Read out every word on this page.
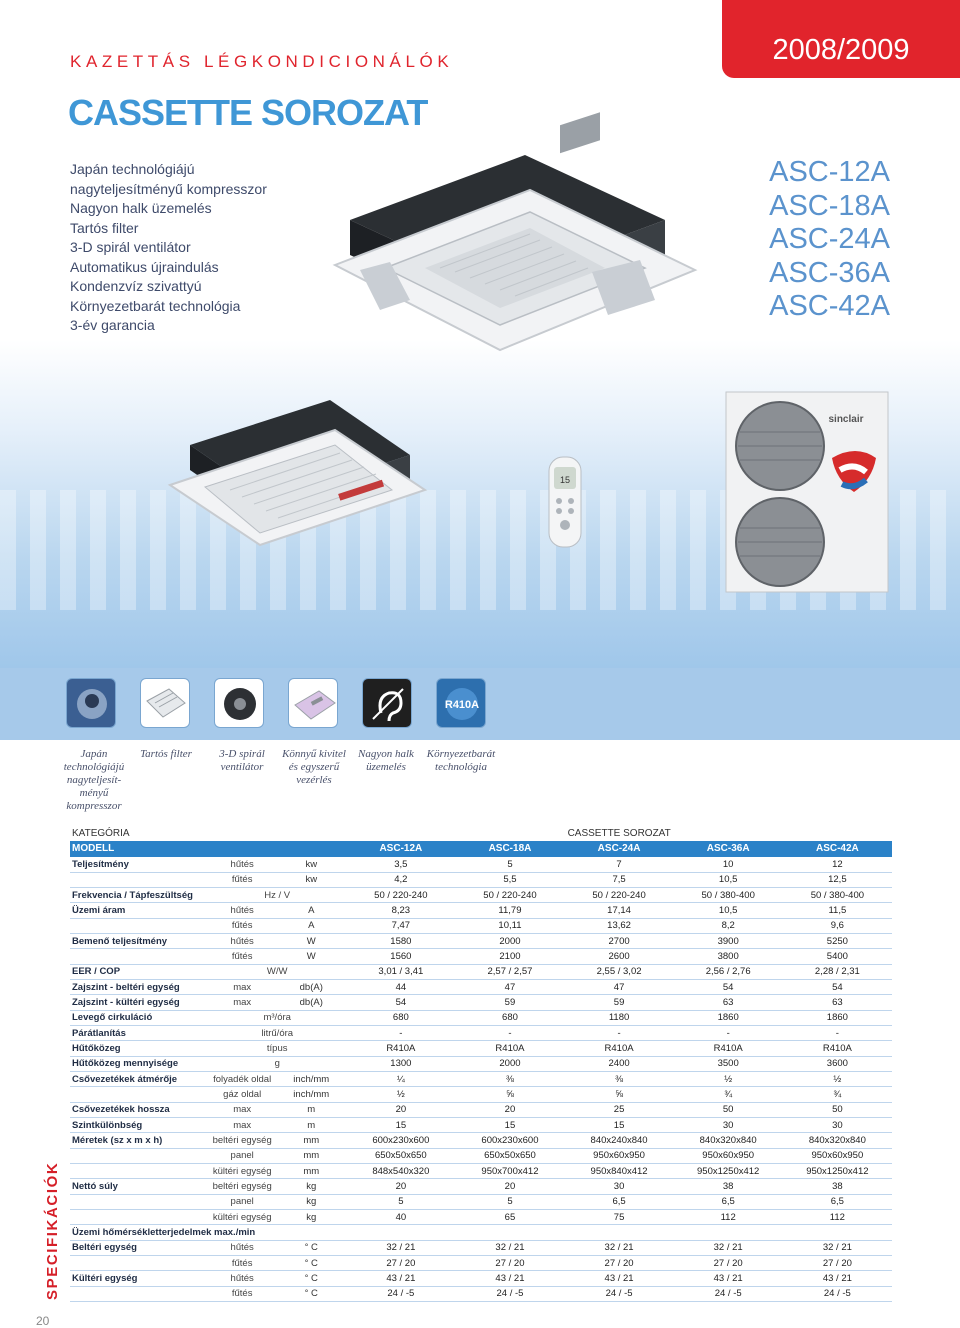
KAZETTÁS LÉGKONDICIONÁLÓK	2008/2009
CASSETTE SOROZAT
Japán technológiájú
nagyteljesítményű kompresszor
Nagyon halk üzemelés
Tartós filter
3-D spirál ventilátor
Automatikus újraindulás
Kondenzvíz szivattyú
Környezetbarát technológia
3-év garancia
ASC-12A
ASC-18A
ASC-24A
ASC-36A
ASC-42A
15
sinclair
R410A
Japán technológiájú nagyteljesít-ményű kompresszor
Tartós filter	3-D spirál ventilátor
Könnyű kivitel és egyszerű vezérlés
Nagyon halk üzemelés
Környezetbarát technológia
SPECIFIKÁCIÓK
20
KATEGÓRIA			CASSETTE SOROZAT				
MODELL			ASC-12A	ASC-18A	ASC-24A	ASC-36A	ASC-42A
Teljesítmény	hűtés	kw	3,5	5	7	10	12
	fűtés	kw	4,2	5,5	7,5	10,5	12,5
Frekvencia / Tápfeszültség	Hz / V		50 / 220-240	50 / 220-240	50 / 220-240	50 / 380-400	50 / 380-400
Üzemi áram	hűtés	A	8,23	11,79	17,14	10,5	11,5
	fűtés	A	7,47	10,11	13,62	8,2	9,6
Bemenő teljesítmény	hűtés	W	1580	2000	2700	3900	5250
	fűtés	W	1560	2100	2600	3800	5400
EER / COP	W/W		3,01 / 3,41	2,57 / 2,57	2,55 / 3,02	2,56 / 2,76	2,28 / 2,31
Zajszint - beltéri egység	max	db(A)	44	47	47	54	54
Zajszint - kültéri egység	max	db(A)	54	59	59	63	63
Levegő cirkuláció	m³/óra		680	680	1180	1860	1860
Párátlanítás	litrű/óra		-	-	-	-	-
Hűtőközeg	típus		R410A	R410A	R410A	R410A	R410A
Hűtőközeg mennyisége	g		1300	2000	2400	3500	3600
Csővezetékek átmérője	folyadék oldal	inch/mm	¼	⅜	⅜	½	½
	gáz oldal	inch/mm	½	⅝	⅝	¾	¾
Csővezetékek hossza	max	m	20	20	25	50	50
Szintkülönbség	max	m	15	15	15	30	30
Méretek (sz x m x h)	beltéri egység	mm	600x230x600	600x230x600	840x240x840	840x320x840	840x320x840
	panel	mm	650x50x650	650x50x650	950x60x950	950x60x950	950x60x950
	kültéri egység	mm	848x540x320	950x700x412	950x840x412	950x1250x412	950x1250x412
Nettó súly	beltéri egység	kg	20	20	30	38	38
	panel	kg	5	5	6,5	6,5	6,5
	kültéri egység	kg	40	65	75	112	112
Üzemi hőmérsékletterjedelmek max./min							
Beltéri egység	hűtés	° C	32 / 21	32 / 21	32 / 21	32 / 21	32 / 21
	fűtés	° C	27 / 20	27 / 20	27 / 20	27 / 20	27 / 20
Kültéri egység	hűtés	° C	43 / 21	43 / 21	43 / 21	43 / 21	43 / 21
	fűtés	° C	24 / -5	24 / -5	24 / -5	24 / -5	24 / -5
